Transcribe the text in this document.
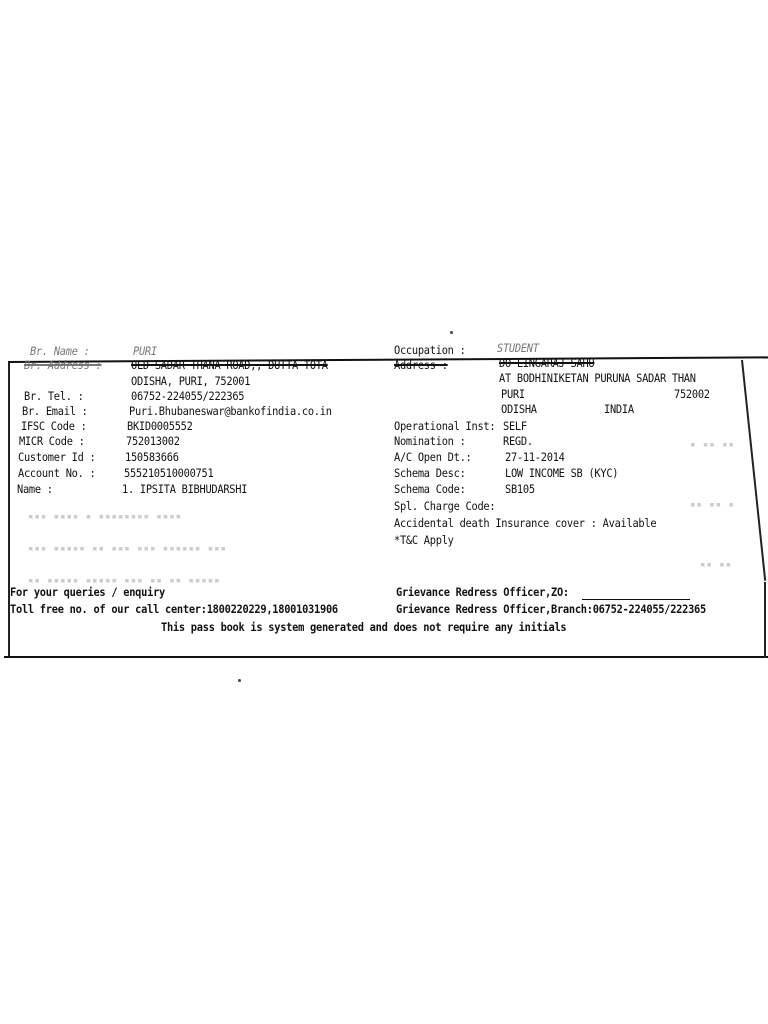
▪▪▪ ▪▪▪▪ ▪ ▪▪▪▪▪▪▪▪ ▪▪▪▪
▪▪▪ ▪▪▪▪▪ ▪▪ ▪▪▪ ▪▪▪ ▪▪▪▪▪▪ ▪▪▪
▪▪ ▪▪▪▪▪ ▪▪▪▪▪ ▪▪▪ ▪▪ ▪▪ ▪▪▪▪▪
▪ ▪▪ ▪▪
▪▪ ▪▪ ▪
▪▪ ▪▪
Br. Name :	PURI
Br. Address :	OLD SADAR THANA ROAD,, DUTTA TOTA
ODISHA, PURI, 752001
Br. Tel. :	06752-224055/222365
Br. Email :	Puri.Bhubaneswar@bankofindia.co.in
IFSC Code :	BKID0005552
MICR Code :	752013002
Customer Id :	150583666
Account No. : 555210510000751
Name :	1. IPSITA BIBHUDARSHI
Occupation :	STUDENT
Address :	DO LINGARAJ SAHU
AT BODHINIKETAN PURUNA SADAR THAN
PURI	752002
ODISHA	INDIA
Operational Inst: SELF
Nomination :	REGD.
A/C Open Dt.:	27-11-2014
Schema Desc:	LOW INCOME SB (KYC)
Schema Code:	SB105
Spl. Charge Code:
Accidental death Insurance cover : Available
*T&C Apply
For your queries / enquiry
Toll free no. of our call center:1800220229,18001031906
Grievance Redress Officer,ZO:
Grievance Redress Officer,Branch:06752-224055/222365
This pass book is system generated and does not require any initials
